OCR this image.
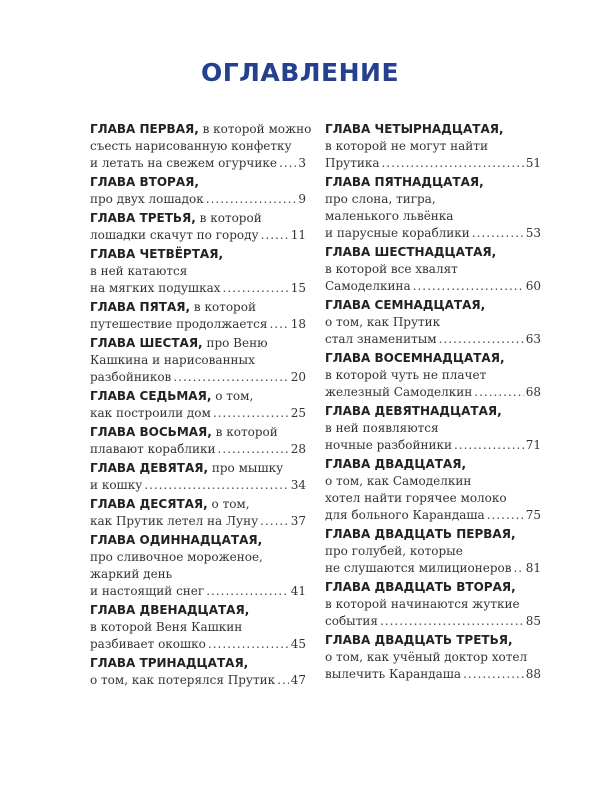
ОГЛАВЛЕНИЕ
ГЛАВА ПЕРВАЯ, в которой можно
съесть нарисованную конфетку
и летать на свежем огурчике ..... 3
ГЛАВА ВТОРАЯ,
про двух лошадок .....	9
ГЛАВА ТРЕТЬЯ, в которой
лошадки скачут по городу .....	11
ГЛАВА ЧЕТВЁРТАЯ,
в ней катаются
на мягких подушках .....	15
ГЛАВА ПЯТАЯ, в которой
путешествие продолжается ..... 18
ГЛАВА ШЕСТАЯ, про Веню
Кашкина и нарисованных
разбойников .....	20
ГЛАВА СЕДЬМАЯ, о том,
как построили дом .....	25
ГЛАВА ВОСЬМАЯ, в которой
плавают кораблики .....	28
ГЛАВА ДЕВЯТАЯ, про мышку
и кошку .....	34
ГЛАВА ДЕСЯТАЯ, о том,
как Прутик летел на Луну .....	37
ГЛАВА ОДИННАДЦАТАЯ,
про сливочное мороженое,
жаркий день
и настоящий снег .....	41
ГЛАВА ДВЕНАДЦАТАЯ,
в которой Веня Кашкин
разбивает окошко .....	45
ГЛАВА ТРИНАДЦАТАЯ,
о том, как потерялся Прутик ..... 47
ГЛАВА ЧЕТЫРНАДЦАТАЯ,
в которой не могут найти
Прутика .....	51
ГЛАВА ПЯТНАДЦАТАЯ,
про слона, тигра,
маленького львёнка
и парусные кораблики .....	53
ГЛАВА ШЕСТНАДЦАТАЯ,
в которой все хвалят
Самоделкина .....	60
ГЛАВА СЕМНАДЦАТАЯ,
о том, как Прутик
стал знаменитым .....	63
ГЛАВА ВОСЕМНАДЦАТАЯ,
в которой чуть не плачет
железный Самоделкин .....	68
ГЛАВА ДЕВЯТНАДЦАТАЯ,
в ней появляются
ночные разбойники .....	71
ГЛАВА ДВАДЦАТАЯ,
о том, как Самоделкин
хотел найти горячее молоко
для больного Карандаша .....	75
ГЛАВА ДВАДЦАТЬ ПЕРВАЯ,
про голубей, которые
не слушаются милиционеров ..... 81
ГЛАВА ДВАДЦАТЬ ВТОРАЯ,
в которой начинаются жуткие
события .....	85
ГЛАВА ДВАДЦАТЬ ТРЕТЬЯ,
о том, как учёный доктор хотел
вылечить Карандаша .....	88
